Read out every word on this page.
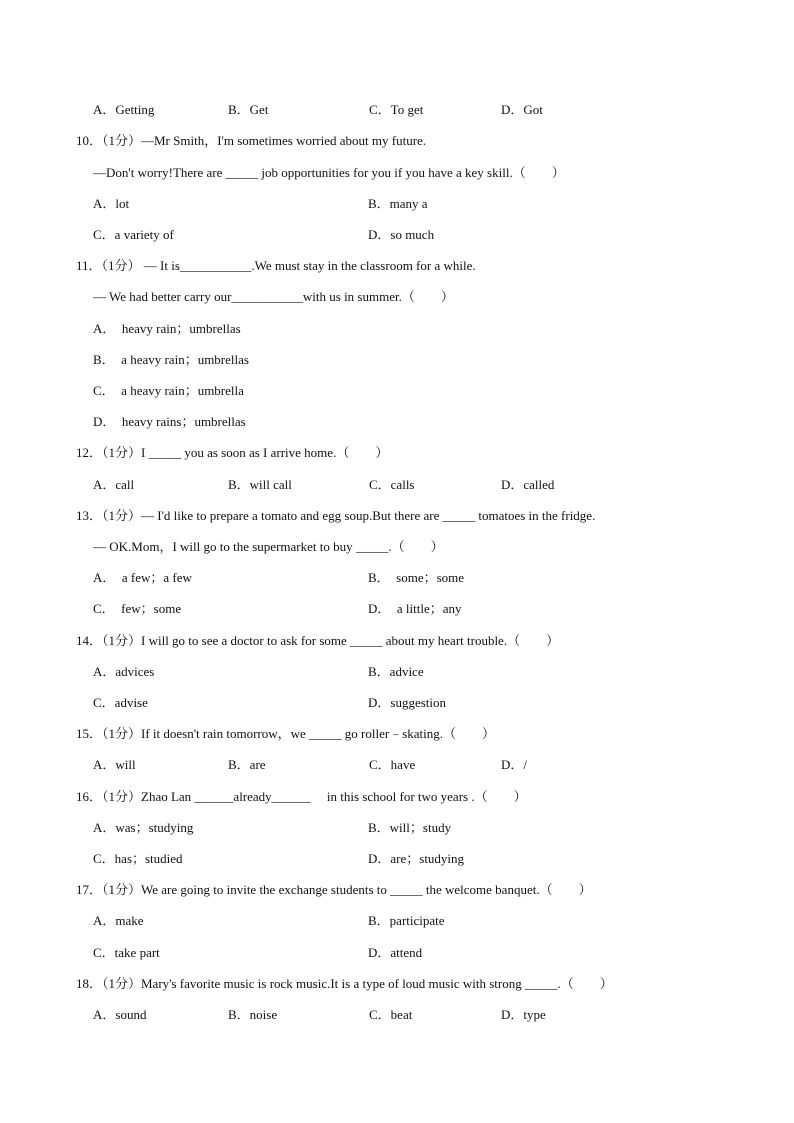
A．Getting	B．Get	C．To get	D．Got
10．（1分）—Mr Smith，I'm sometimes worried about my future.
—Don't worry!There are _____ job opportunities for you if you have a key skill.（　　）
A．lot	B．many a
C．a variety of	D．so much
11．（1分） — It is___________.We must stay in the classroom for a while.
— We had better carry our___________with us in summer.（　　）
A．  heavy rain；umbrellas
B．  a heavy rain；umbrellas
C．  a heavy rain；umbrella
D．  heavy rains；umbrellas
12．（1分）I _____ you as soon as I arrive home.（　　）
A．call	B．will call	C．calls	D．called
13．（1分）— I'd like to prepare a tomato and egg soup.But there are _____ tomatoes in the fridge.
— OK.Mom，I will go to the supermarket to buy _____.（　　）
A．  a few；a few	B．  some；some
C．  few；some	D．  a little；any
14．（1分）I will go to see a doctor to ask for some _____ about my heart trouble.（　　）
A．advices	B．advice
C．advise	D．suggestion
15．（1分）If it doesn't rain tomorrow，we _____ go roller﹣skating.（　　）
A．will	B．are	C．have	D．/
16．（1分）Zhao Lan ______already______     in this school for two years .（　　）
A．was；studying	B．will；study
C．has；studied	D．are；studying
17．（1分）We are going to invite the exchange students to _____ the welcome banquet.（　　）
A．make	B．participate
C．take part	D．attend
18．（1分）Mary's favorite music is rock music.It is a type of loud music with strong _____.（　　）
A．sound	B．noise	C．beat	D．type
